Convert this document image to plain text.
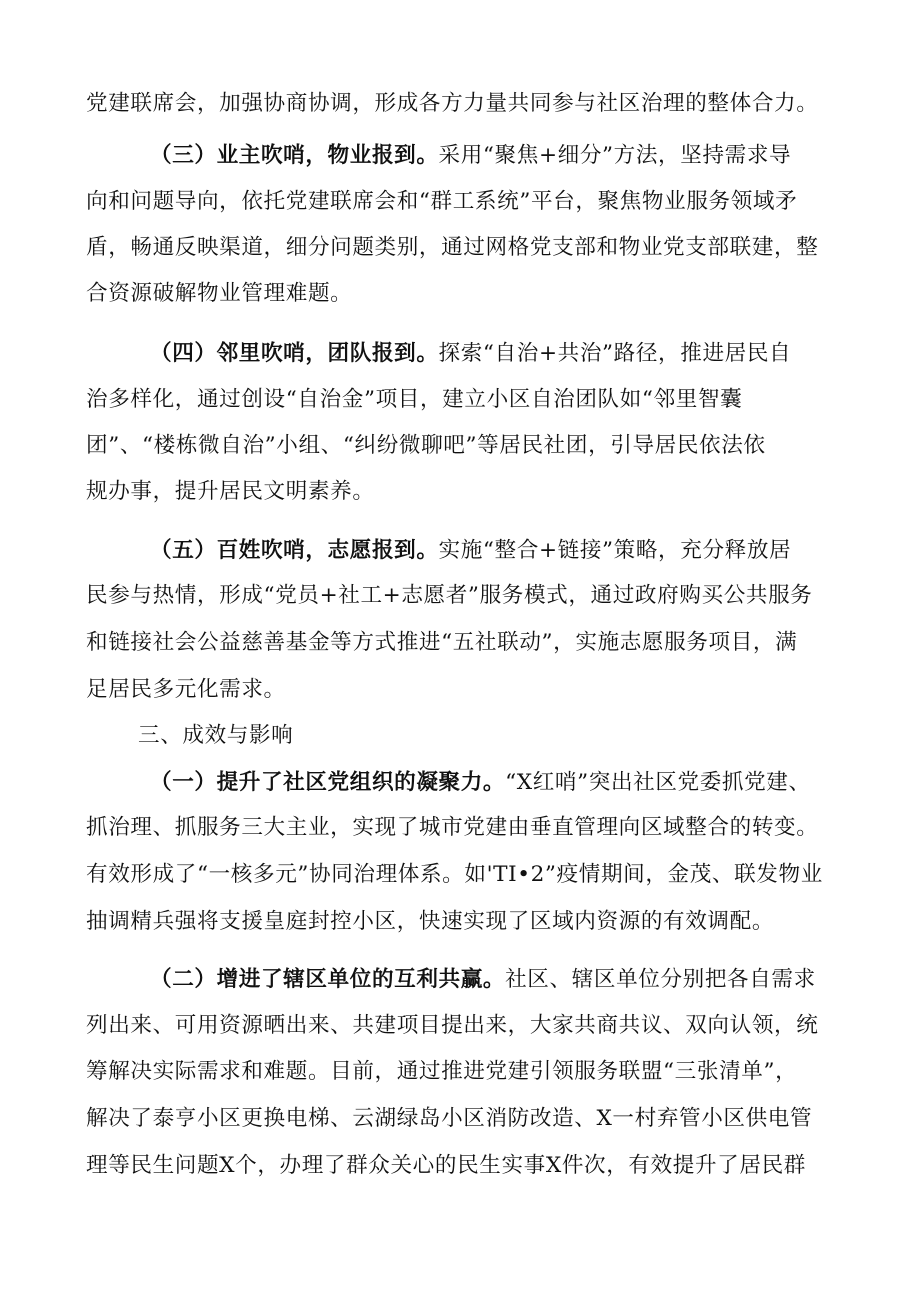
党建联席会，加强协商协调，形成各方力量共同参与社区治理的整体合力。
（三）业主吹哨，物业报到。采用“聚焦+细分”方法，坚持需求导
向和问题导向，依托党建联席会和“群工系统”平台，聚焦物业服务领域矛
盾，畅通反映渠道，细分问题类别，通过网格党支部和物业党支部联建，整
合资源破解物业管理难题。
（四）邻里吹哨，团队报到。探索“自治+共治”路径，推进居民自
治多样化，通过创设“自治金”项目，建立小区自治团队如“邻里智囊
团”、“楼栋微自治”小组、“纠纷微聊吧”等居民社团，引导居民依法依
规办事，提升居民文明素养。
（五）百姓吹哨，志愿报到。实施“整合+链接”策略，充分释放居
民参与热情，形成“党员+社工+志愿者”服务模式，通过政府购买公共服务
和链接社会公益慈善基金等方式推进“五社联动”，实施志愿服务项目，满
足居民多元化需求。
三、成效与影响
（一）提升了社区党组织的凝聚力。“X红哨”突出社区党委抓党建、
抓治理、抓服务三大主业，实现了城市党建由垂直管理向区域整合的转变。
有效形成了“一核多元”协同治理体系。如'TI•2”疫情期间，金茂、联发物业
抽调精兵强将支援皇庭封控小区，快速实现了区域内资源的有效调配。
（二）增进了辖区单位的互利共赢。社区、辖区单位分别把各自需求
列出来、可用资源晒出来、共建项目提出来，大家共商共议、双向认领，统
筹解决实际需求和难题。目前，通过推进党建引领服务联盟“三张清单”，
解决了泰亨小区更换电梯、云湖绿岛小区消防改造、X一村弃管小区供电管
理等民生问题X个，办理了群众关心的民生实事X件次，有效提升了居民群
